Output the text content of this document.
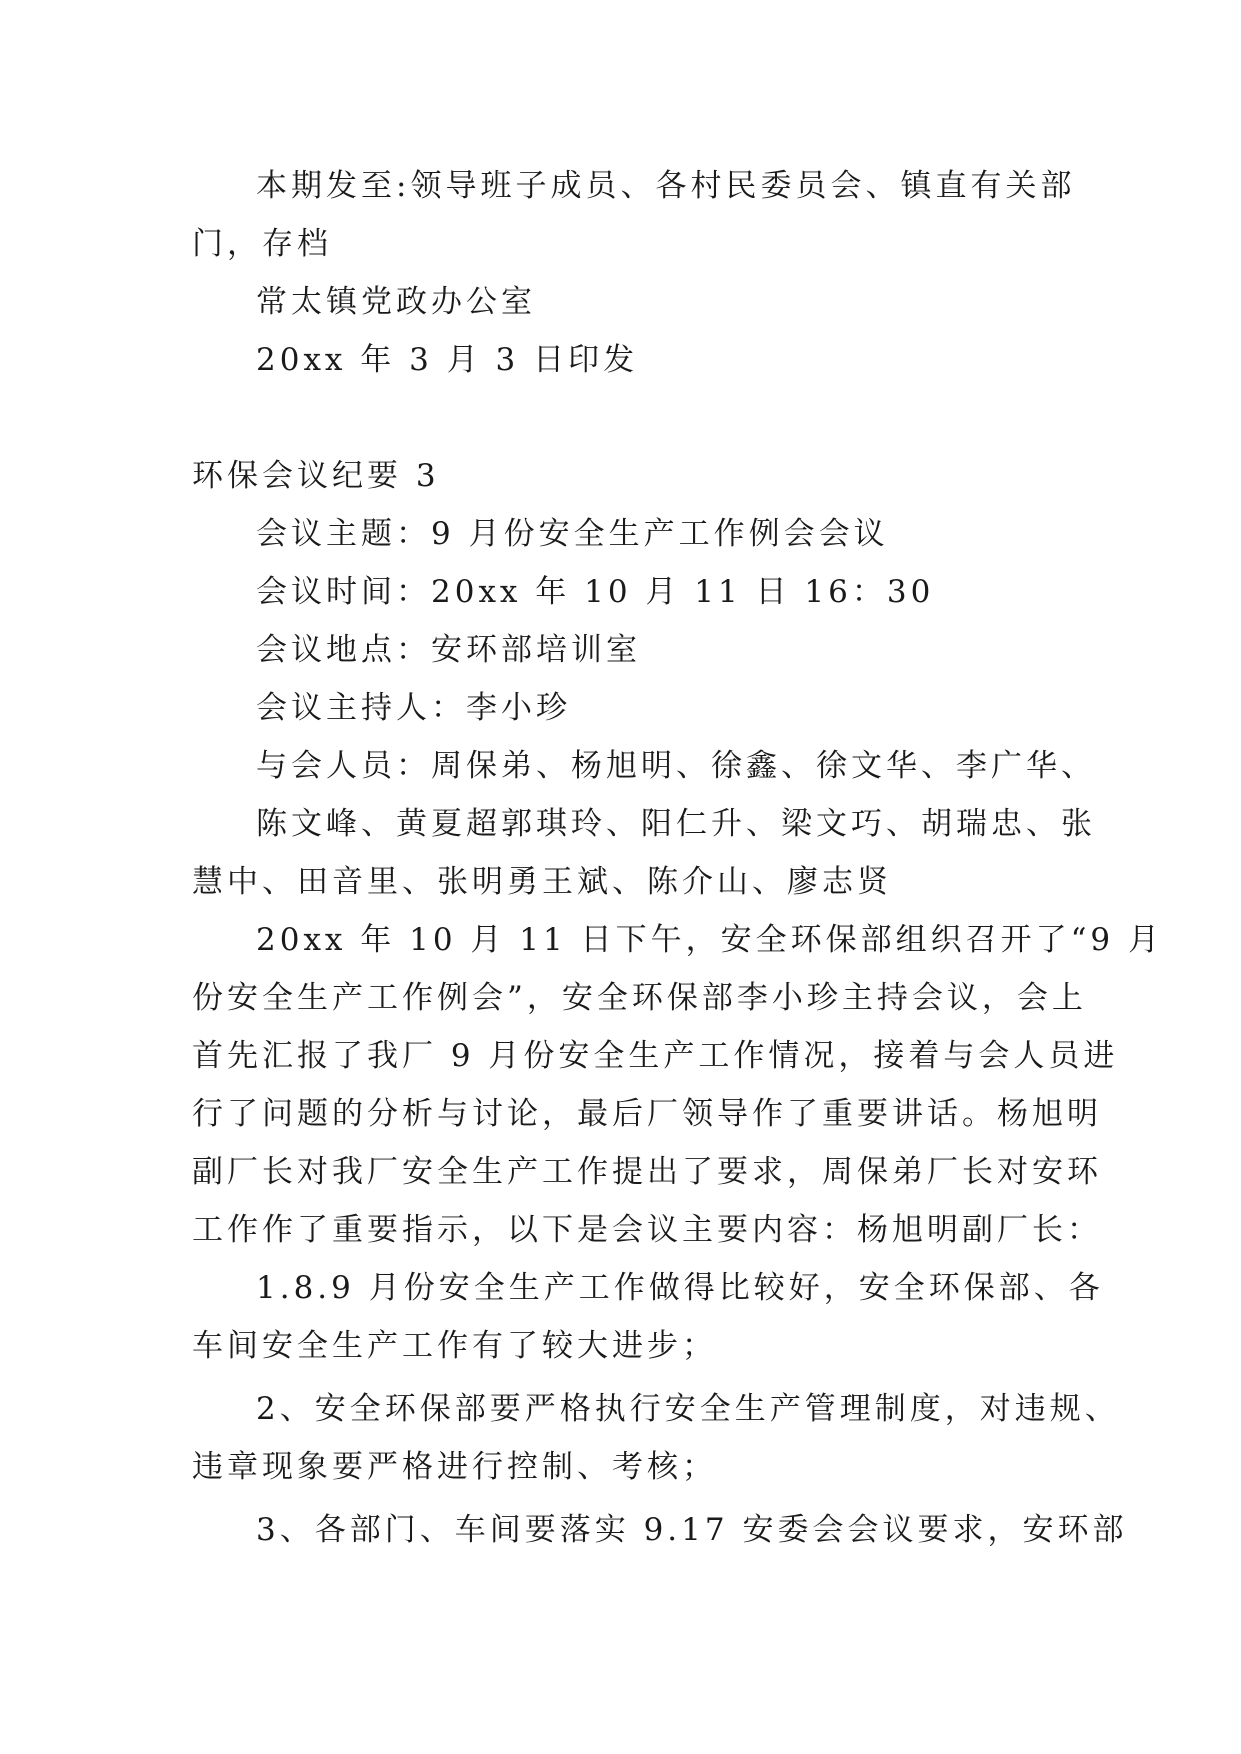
本期发至:领导班子成员、各村民委员会、镇直有关部
门，存档
常太镇党政办公室
20xx 年 3 月 3 日印发
环保会议纪要 3
会议主题：9 月份安全生产工作例会会议
会议时间：20xx 年 10 月 11 日 16：30
会议地点：安环部培训室
会议主持人：李小珍
与会人员：周保弟、杨旭明、徐鑫、徐文华、李广华、
陈文峰、黄夏超郭琪玲、阳仁升、梁文巧、胡瑞忠、张
慧中、田音里、张明勇王斌、陈介山、廖志贤
20xx 年 10 月 11 日下午，安全环保部组织召开了“9 月
份安全生产工作例会”，安全环保部李小珍主持会议，会上
首先汇报了我厂 9 月份安全生产工作情况，接着与会人员进
行了问题的分析与讨论，最后厂领导作了重要讲话。杨旭明
副厂长对我厂安全生产工作提出了要求，周保弟厂长对安环
工作作了重要指示，以下是会议主要内容：杨旭明副厂长：
1.8.9 月份安全生产工作做得比较好，安全环保部、各
车间安全生产工作有了较大进步；
2、安全环保部要严格执行安全生产管理制度，对违规、
违章现象要严格进行控制、考核；
3、各部门、车间要落实 9.17 安委会会议要求，安环部
